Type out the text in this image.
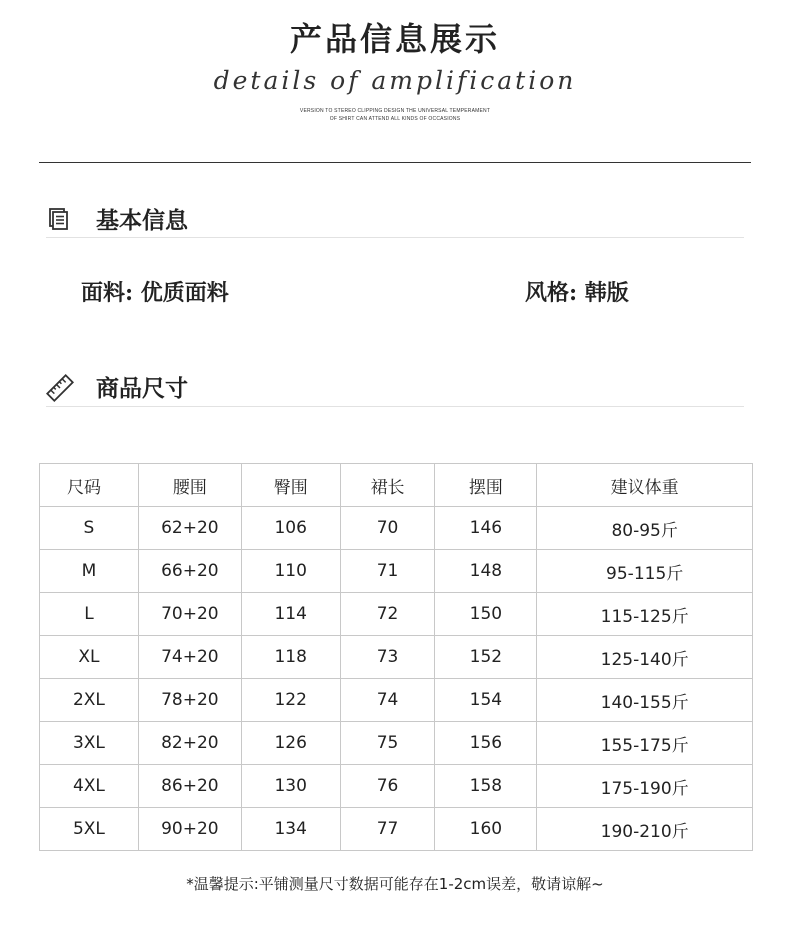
产品信息展示
details of amplification
VERSION TO STEREO CLIPPING DESIGN THE UNIVERSAL TEMPERAMENT
OF SHIRT CAN ATTEND ALL KINDS OF OCCASIONS
基本信息
面料: 优质面料	风格: 韩版
商品尺寸
尺码	腰围	臀围	裙长	摆围	建议体重
S	62+20	106	70	146	80-95斤
M	66+20	110	71	148	95-115斤
L	70+20	114	72	150	115-125斤
XL	74+20	118	73	152	125-140斤
2XL	78+20	122	74	154	140-155斤
3XL	82+20	126	75	156	155-175斤
4XL	86+20	130	76	158	175-190斤
5XL	90+20	134	77	160	190-210斤
*温馨提示:平铺测量尺寸数据可能存在1-2cm误差，敬请谅解~
